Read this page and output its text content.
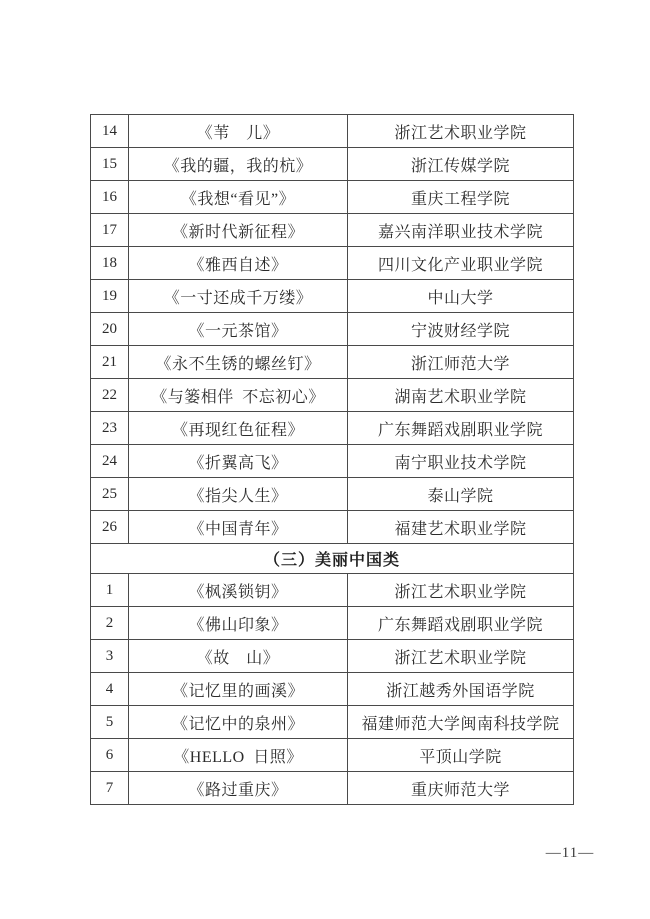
14	《苇　儿》	浙江艺术职业学院
15	《我的疆，我的杭》	浙江传媒学院
16	《我想“看见”》	重庆工程学院
17	《新时代新征程》	嘉兴南洋职业技术学院
18	《雅西自述》	四川文化产业职业学院
19	《一寸还成千万缕》	中山大学
20	《一元茶馆》	宁波财经学院
21	《永不生锈的螺丝钉》	浙江师范大学
22	《与篓相伴 不忘初心》	湖南艺术职业学院
23	《再现红色征程》	广东舞蹈戏剧职业学院
24	《折翼高飞》	南宁职业技术学院
25	《指尖人生》	泰山学院
26	《中国青年》	福建艺术职业学院
（三）美丽中国类		
1	《枫溪锁钥》	浙江艺术职业学院
2	《佛山印象》	广东舞蹈戏剧职业学院
3	《故　山》	浙江艺术职业学院
4	《记忆里的画溪》	浙江越秀外国语学院
5	《记忆中的泉州》	福建师范大学闽南科技学院
6	《HELLO 日照》	平顶山学院
7	《路过重庆》	重庆师范大学
—11—
